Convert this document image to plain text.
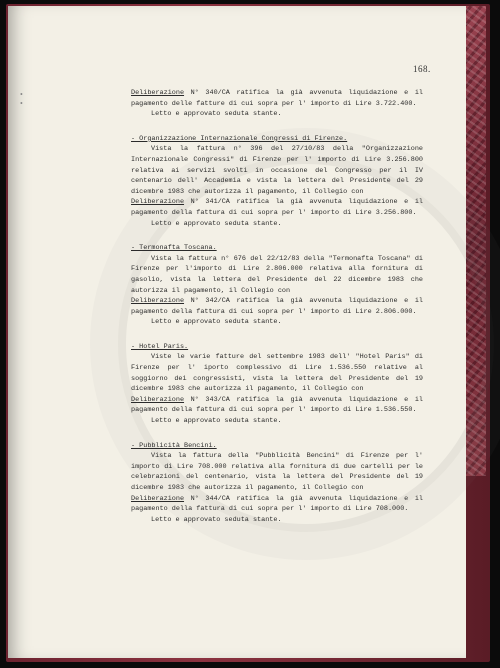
• •
168.

Deliberazione N° 340/CA ratifica la già avvenuta liquidazione e il pagamento delle fatture di cui sopra per l' importo di Lire 3.722.400.

Letto e approvato seduta stante.

- Organizzazione Internazionale Congressi di Firenze.

Vista la fattura n° 396 del 27/10/83 della "Organizzazione Internazionale Congressi" di Firenze per l' importo di Lire 3.256.800 relativa ai servizi svolti in occasione del Congresso per il IV centenario dell' Accademia e vista la lettera del Presidente del 29 dicembre 1983 che autorizza il pagamento, il Collegio con

Deliberazione N° 341/CA ratifica la già avvenuta liquidazione e il pagamento della fattura di cui sopra per l' importo di Lire 3.256.800.

Letto e approvato seduta stante.

- Termonafta Toscana.

Vista la fattura n° 676 del 22/12/83 della "Termonafta Toscana" di Firenze per l'importo di Lire 2.806.000 relativa alla fornitura di gasolio, vista la lettera del Presidente del 22 dicembre 1983 che autorizza il pagamento, il Collegio con

Deliberazione N° 342/CA ratifica la già avvenuta liquidazione e il pagamento della fattura di cui sopra per l' importo di Lire 2.806.000.

Letto e approvato seduta stante.

- Hotel Paris.

Viste le varie fatture del settembre 1983 dell' "Hotel Paris" di Firenze per l' iporto complessivo di Lire 1.536.550 relative al soggiorno dei congressisti, vista la lettera del Presidente del 19 dicembre 1983 che autorizza il pagamento, il Collegio con

Deliberazione N° 343/CA ratifica la già avvenuta liquidazione e il pagamento della fattura di cui sopra per l' importo di Lire 1.536.550.

Letto e approvato seduta stante.

- Pubblicità Bencini.

Vista la fattura della "Pubblicità Bencini" di Firenze per l' importo di Lire 708.000 relativa alla fornitura di due cartelli per le celebrazioni del centenario, vista la lettera del Presidente del 19 dicembre 1983 che autorizza il pagamento, il Collegio con

Deliberazione N° 344/CA ratifica la già avvenuta liquidazione e il pagamento della fattura di cui sopra per l' importo di Lire 708.000.

Letto e approvato seduta stante.
